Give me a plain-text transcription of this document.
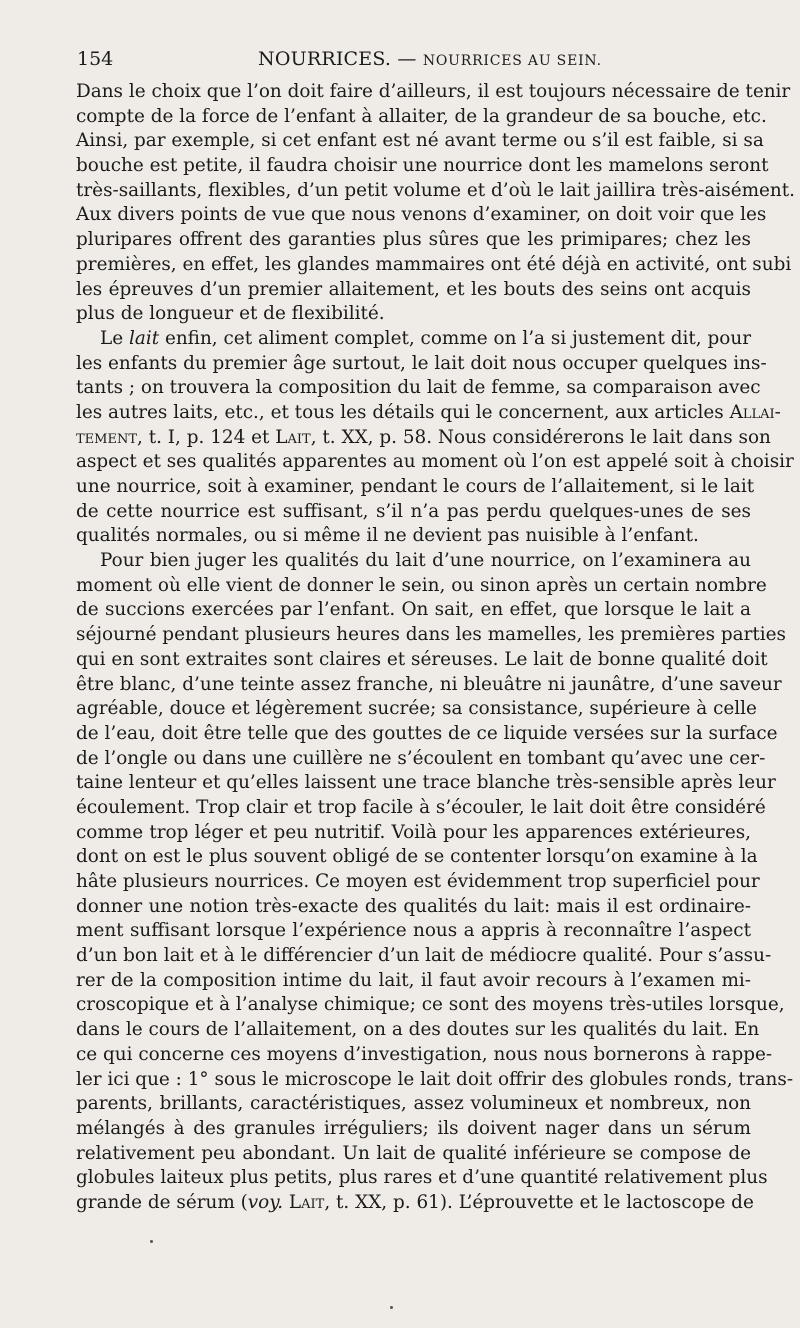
154	NOURRICES. — NOURRICES AU SEIN.
Dans le choix que l’on doit faire d’ailleurs, il est toujours nécessaire de tenir
compte de la force de l’enfant à allaiter, de la grandeur de sa bouche, etc.
Ainsi, par exemple, si cet enfant est né avant terme ou s’il est faible, si sa
bouche est petite, il faudra choisir une nourrice dont les mamelons seront
très-saillants, flexibles, d’un petit volume et d’où le lait jaillira très-aisément.
Aux divers points de vue que nous venons d’examiner, on doit voir que les
pluripares offrent des garanties plus sûres que les primipares; chez les
premières, en effet, les glandes mammaires ont été déjà en activité, ont subi
les épreuves d’un premier allaitement, et les bouts des seins ont acquis
plus de longueur et de flexibilité.
Le lait enfin, cet aliment complet, comme on l’a si justement dit, pour
les enfants du premier âge surtout, le lait doit nous occuper quelques ins-
tants ; on trouvera la composition du lait de femme, sa comparaison avec
les autres laits, etc., et tous les détails qui le concernent, aux articles Allai-
tement, t. I, p. 124 et Lait, t. XX, p. 58. Nous considérerons le lait dans son
aspect et ses qualités apparentes au moment où l’on est appelé soit à choisir
une nourrice, soit à examiner, pendant le cours de l’allaitement, si le lait
de cette nourrice est suffisant, s’il n’a pas perdu quelques-unes de ses
qualités normales, ou si même il ne devient pas nuisible à l’enfant.
Pour bien juger les qualités du lait d’une nourrice, on l’examinera au
moment où elle vient de donner le sein, ou sinon après un certain nombre
de succions exercées par l’enfant. On sait, en effet, que lorsque le lait a
séjourné pendant plusieurs heures dans les mamelles, les premières parties
qui en sont extraites sont claires et séreuses. Le lait de bonne qualité doit
être blanc, d’une teinte assez franche, ni bleuâtre ni jaunâtre, d’une saveur
agréable, douce et légèrement sucrée; sa consistance, supérieure à celle
de l’eau, doit être telle que des gouttes de ce liquide versées sur la surface
de l’ongle ou dans une cuillère ne s’écoulent en tombant qu’avec une cer-
taine lenteur et qu’elles laissent une trace blanche très-sensible après leur
écoulement. Trop clair et trop facile à s’écouler, le lait doit être considéré
comme trop léger et peu nutritif. Voilà pour les apparences extérieures,
dont on est le plus souvent obligé de se contenter lorsqu’on examine à la
hâte plusieurs nourrices. Ce moyen est évidemment trop superficiel pour
donner une notion très-exacte des qualités du lait: mais il est ordinaire-
ment suffisant lorsque l’expérience nous a appris à reconnaître l’aspect
d’un bon lait et à le différencier d’un lait de médiocre qualité. Pour s’assu-
rer de la composition intime du lait, il faut avoir recours à l’examen mi-
croscopique et à l’analyse chimique; ce sont des moyens très-utiles lorsque,
dans le cours de l’allaitement, on a des doutes sur les qualités du lait. En
ce qui concerne ces moyens d’investigation, nous nous bornerons à rappe-
ler ici que : 1° sous le microscope le lait doit offrir des globules ronds, trans-
parents, brillants, caractéristiques, assez volumineux et nombreux, non
mélangés à des granules irréguliers; ils doivent nager dans un sérum
relativement peu abondant. Un lait de qualité inférieure se compose de
globules laiteux plus petits, plus rares et d’une quantité relativement plus
grande de sérum (voy. Lait, t. XX, p. 61). L’éprouvette et le lactoscope de
